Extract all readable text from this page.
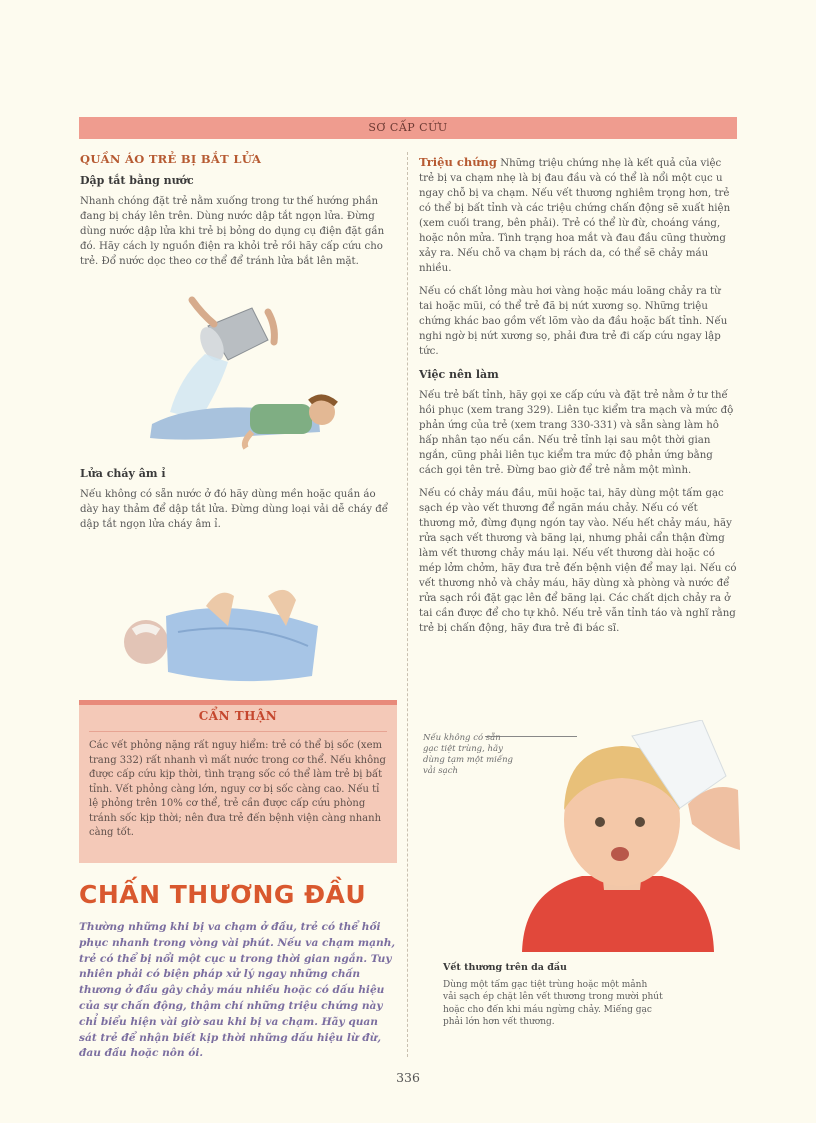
SƠ CẤP CỨU
QUẦN ÁO TRẺ BỊ BẮT LỬA
Dập tắt bằng nước

Nhanh chóng đặt trẻ nằm xuống trong tư thế hướng phần đang bị cháy lên trên. Dùng nước dập tắt ngọn lửa. Đừng dùng nước dập lửa khi trẻ bị bỏng do dụng cụ điện đặt gần đó. Hãy cách ly nguồn điện ra khỏi trẻ rồi hãy cấp cứu cho trẻ. Đổ nước dọc theo cơ thể để tránh lửa bắt lên mặt.

Lửa cháy âm ỉ

Nếu không có sẵn nước ở đó hãy dùng mền hoặc quần áo dày hay thảm để dập tắt lửa. Đừng dùng loại vải dễ cháy để dập tắt ngọn lửa cháy âm ỉ.

CẨN THẬN
Các vết phỏng nặng rất nguy hiểm: trẻ có thể bị sốc (xem trang 332) rất nhanh vì mất nước trong cơ thể. Nếu không được cấp cứu kịp thời, tình trạng sốc có thể làm trẻ bị bất tỉnh. Vết phỏng càng lớn, nguy cơ bị sốc càng cao. Nếu tỉ lệ phỏng trên 10% cơ thể, trẻ cần được cấp cứu phòng tránh sốc kịp thời; nên đưa trẻ đến bệnh viện càng nhanh càng tốt.
CHẤN THƯƠNG ĐẦU
Thường những khi bị va chạm ở đầu, trẻ có thể hồi phục nhanh trong vòng vài phút. Nếu va chạm mạnh, trẻ có thể bị nổi một cục u trong thời gian ngắn. Tuy nhiên phải có biện pháp xử lý ngay những chấn thương ở đầu gây chảy máu nhiều hoặc có dấu hiệu của sự chấn động, thậm chí những triệu chứng này chỉ biểu hiện vài giờ sau khi bị va chạm. Hãy quan sát trẻ để nhận biết kịp thời những dấu hiệu lừ đừ, đau đầu hoặc nôn ói.

Triệu chứng Những triệu chứng nhẹ là kết quả của việc trẻ bị va chạm nhẹ là bị đau đầu và có thể là nổi một cục u ngay chỗ bị va chạm. Nếu vết thương nghiêm trọng hơn, trẻ có thể bị bất tỉnh và các triệu chứng chấn động sẽ xuất hiện (xem cuối trang, bên phải). Trẻ có thể lừ đừ, choáng váng, hoặc nôn mửa. Tình trạng hoa mắt và đau đầu cũng thường xảy ra. Nếu chỗ va chạm bị rách da, có thể sẽ chảy máu nhiều.

Nếu có chất lỏng màu hơi vàng hoặc máu loãng chảy ra từ tai hoặc mũi, có thể trẻ đã bị nứt xương sọ. Những triệu chứng khác bao gồm vết lõm vào da đầu hoặc bất tỉnh. Nếu nghi ngờ bị nứt xương sọ, phải đưa trẻ đi cấp cứu ngay lập tức.

Việc nên làm

Nếu trẻ bất tỉnh, hãy gọi xe cấp cứu và đặt trẻ nằm ở tư thế hồi phục (xem trang 329). Liên tục kiểm tra mạch và mức độ phản ứng của trẻ (xem trang 330-331) và sẵn sàng làm hô hấp nhân tạo nếu cần. Nếu trẻ tỉnh lại sau một thời gian ngắn, cũng phải liên tục kiểm tra mức độ phản ứng bằng cách gọi tên trẻ. Đừng bao giờ để trẻ nằm một mình.

Nếu có chảy máu đầu, mũi hoặc tai, hãy dùng một tấm gạc sạch ép vào vết thương để ngăn máu chảy. Nếu có vết thương mở, đừng đụng ngón tay vào. Nếu hết chảy máu, hãy rửa sạch vết thương và băng lại, nhưng phải cẩn thận đừng làm vết thương chảy máu lại. Nếu vết thương dài hoặc có mép lởm chởm, hãy đưa trẻ đến bệnh viện để may lại. Nếu có vết thương nhỏ và chảy máu, hãy dùng xà phòng và nước để rửa sạch rồi đặt gạc lên để băng lại. Các chất dịch chảy ra ở tai cần được để cho tự khô. Nếu trẻ vẫn tỉnh táo và nghĩ rằng trẻ bị chấn động, hãy đưa trẻ đi bác sĩ.

Nếu không có sẵn gạc tiệt trùng, hãy dùng tạm một miếng vải sạch
Vết thương trên da đầu
Dùng một tấm gạc tiệt trùng hoặc một mảnh vải sạch ép chặt lên vết thương trong mười phút hoặc cho đến khi máu ngừng chảy. Miếng gạc phải lớn hơn vết thương.
336
